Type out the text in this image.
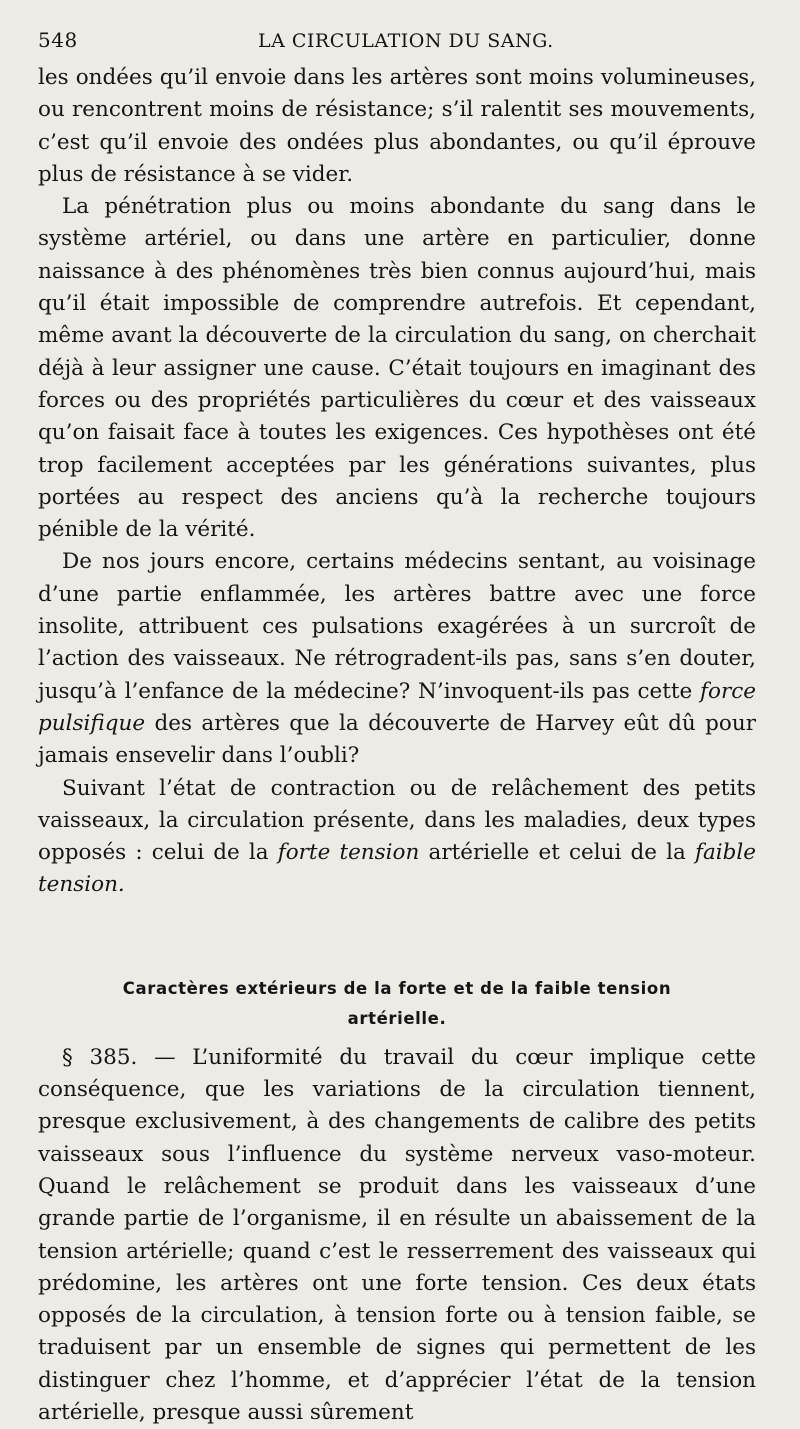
548	LA CIRCULATION DU SANG.

les ondées qu’il envoie dans les artères sont moins volumineuses, ou rencontrent moins de résistance; s’il ralentit ses mouvements, c’est qu’il envoie des ondées plus abondantes, ou qu’il éprouve plus de résistance à se vider.

La pénétration plus ou moins abondante du sang dans le système artériel, ou dans une artère en particulier, donne naissance à des phénomènes très bien connus aujourd’hui, mais qu’il était impossible de comprendre autrefois. Et cependant, même avant la découverte de la circulation du sang, on cherchait déjà à leur assigner une cause. C’était toujours en imaginant des forces ou des propriétés particulières du cœur et des vaisseaux qu’on faisait face à toutes les exigences. Ces hypothèses ont été trop facilement acceptées par les générations suivantes, plus portées au respect des anciens qu’à la recherche toujours pénible de la vérité.

De nos jours encore, certains médecins sentant, au voisinage d’une partie enflammée, les artères battre avec une force insolite, attribuent ces pulsations exagérées à un surcroît de l’action des vaisseaux. Ne rétrogradent-ils pas, sans s’en douter, jusqu’à l’enfance de la médecine? N’invoquent-ils pas cette force pulsifique des artères que la découverte de Harvey eût dû pour jamais ensevelir dans l’oubli?

Suivant l’état de contraction ou de relâchement des petits vaisseaux, la circulation présente, dans les maladies, deux types opposés : celui de la forte tension artérielle et celui de la faible tension.

Caractères extérieurs de la forte et de la faible tension artérielle.

§ 385. — L’uniformité du travail du cœur implique cette conséquence, que les variations de la circulation tiennent, presque exclusivement, à des changements de calibre des petits vaisseaux sous l’influence du système nerveux vaso-moteur. Quand le relâchement se produit dans les vaisseaux d’une grande partie de l’organisme, il en résulte un abaissement de la tension artérielle; quand c’est le resserrement des vaisseaux qui prédomine, les artères ont une forte tension. Ces deux états opposés de la circulation, à tension forte ou à tension faible, se traduisent par un ensemble de signes qui permettent de les distinguer chez l’homme, et d’apprécier l’état de la tension artérielle, presque aussi sûrement
